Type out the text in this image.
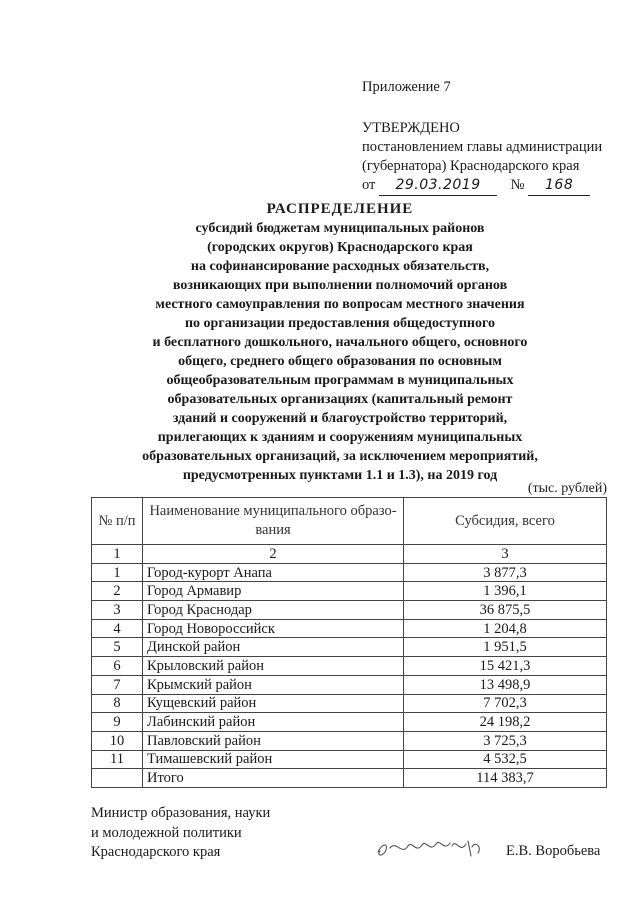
Приложение 7
УТВЕРЖДЕНО
постановлением главы администрации
(губернатора) Краснодарского края
от 29.03.2019 № 168
РАСПРЕДЕЛЕНИЕ
субсидий бюджетам муниципальных районов
(городских округов) Краснодарского края
на софинансирование расходных обязательств,
возникающих при выполнении полномочий органов
местного самоуправления по вопросам местного значения
по организации предоставления общедоступного
и бесплатного дошкольного, начального общего, основного
общего, среднего общего образования по основным
общеобразовательным программам в муниципальных
образовательных организациях (капитальный ремонт
зданий и сооружений и благоустройство территорий,
прилегающих к зданиям и сооружениям муниципальных
образовательных организаций, за исключением мероприятий,
предусмотренных пунктами 1.1 и 1.3), на 2019 год
(тыс. рублей)
№ п/п	Наименование муниципального образо- вания	Субсидия, всего
1	2	3
1	Город-курорт Анапа	3 877,3
2	Город Армавир	1 396,1
3	Город Краснодар	36 875,5
4	Город Новороссийск	1 204,8
5	Динской район	1 951,5
6	Крыловский район	15 421,3
7	Крымский район	13 498,9
8	Кущевский район	7 702,3
9	Лабинский район	24 198,2
10	Павловский район	3 725,3
11	Тимашевский район	4 532,5
	Итого	114 383,7
Министр образования, науки
и молодежной политики
Краснодарского края	Е.В. Воробьева
